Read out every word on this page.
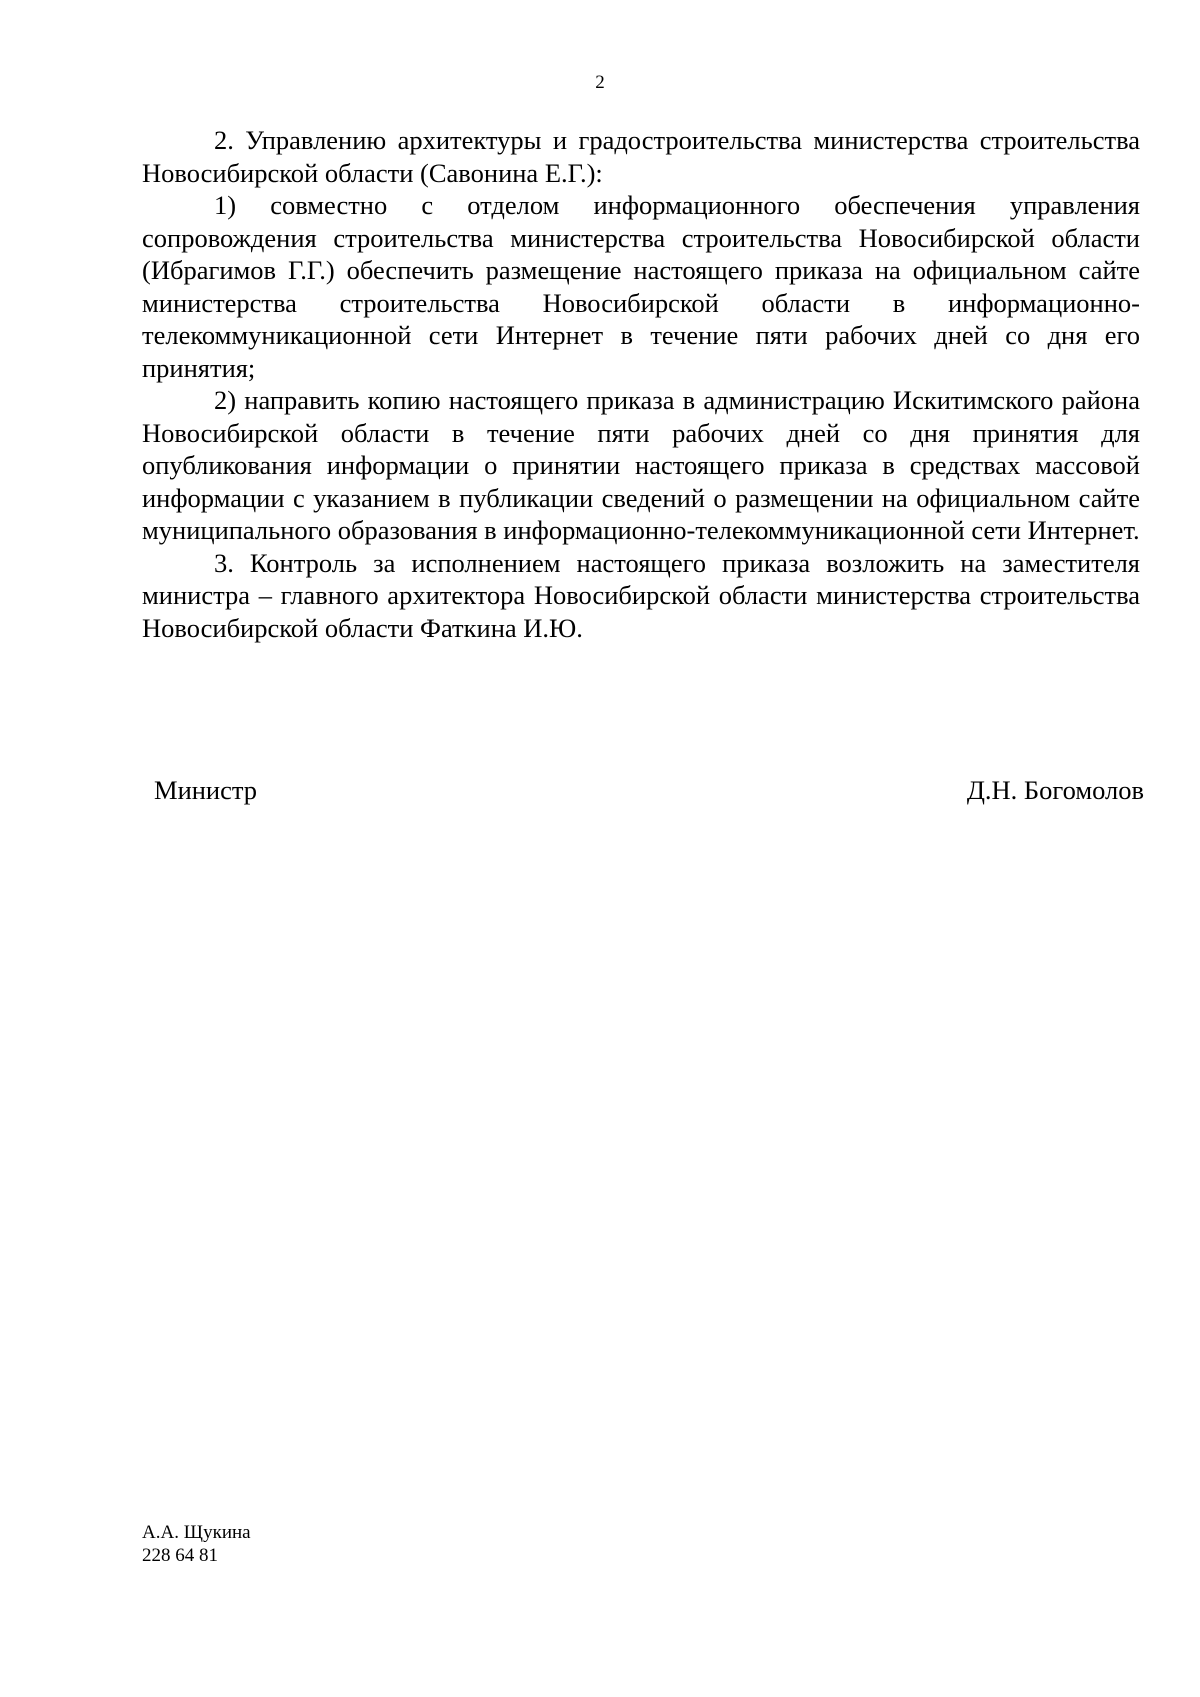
2

2. Управлению архитектуры и градостроительства министерства строительства Новосибирской области (Савонина Е.Г.):

1) совместно с отделом информационного обеспечения управления сопровождения строительства министерства строительства Новосибирской области (Ибрагимов Г.Г.) обеспечить размещение настоящего приказа на официальном сайте министерства строительства Новосибирской области в информационно-телекоммуникационной сети Интернет в течение пяти рабочих дней со дня его принятия;

2) направить копию настоящего приказа в администрацию Искитимского района Новосибирской области в течение пяти рабочих дней со дня принятия для опубликования информации о принятии настоящего приказа в средствах массовой информации с указанием в публикации сведений о размещении на официальном сайте муниципального образования в информационно-телекоммуникационной сети Интернет.

3. Контроль за исполнением настоящего приказа возложить на заместителя министра – главного архитектора Новосибирской области министерства строительства Новосибирской области Фаткина И.Ю.

Министр	Д.Н. Богомолов
А.А. Щукина
228 64 81
